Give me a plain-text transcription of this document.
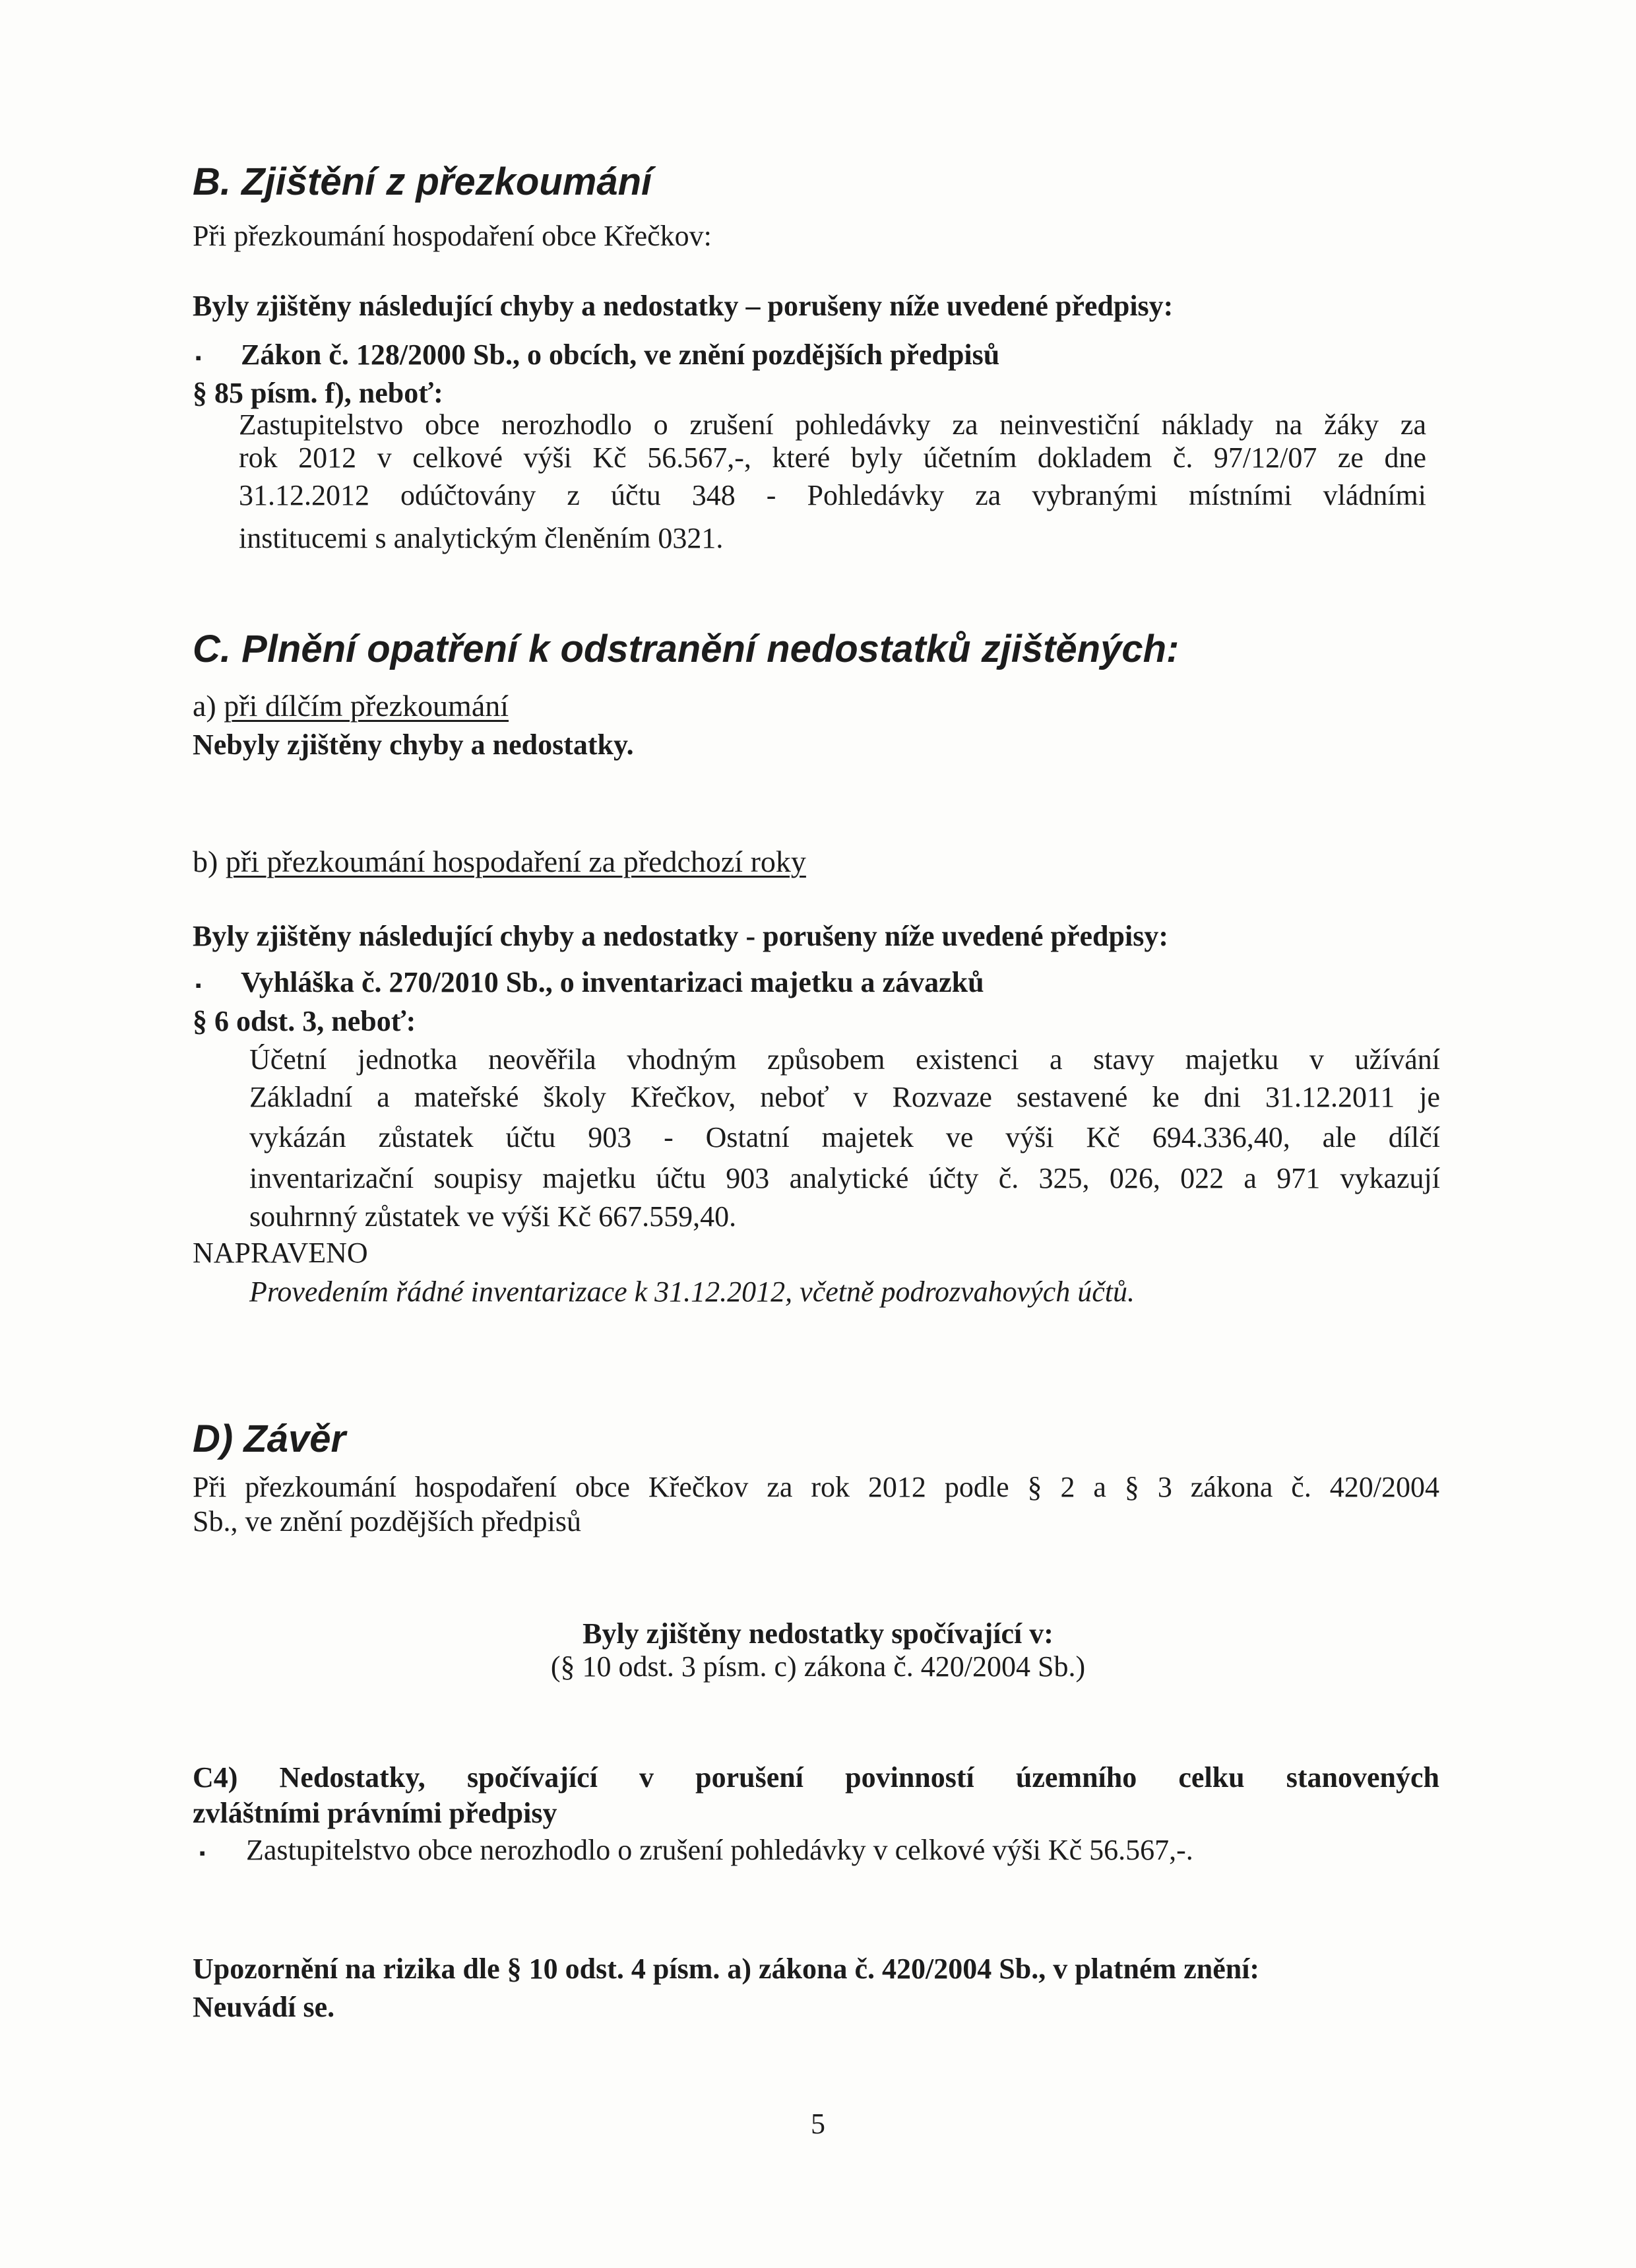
B. Zjištění z přezkoumání
Při přezkoumání hospodaření obce Křečkov:
Byly zjištěny následující chyby a nedostatky – porušeny níže uvedené předpisy:
▪ Zákon č. 128/2000 Sb., o obcích, ve znění pozdějších předpisů
§ 85 písm. f), neboť:
Zastupitelstvo obce nerozhodlo o zrušení pohledávky za neinvestiční náklady na žáky za
rok 2012 v celkové výši Kč 56.567,-, které byly účetním dokladem č. 97/12/07 ze dne
31.12.2012 odúčtovány z účtu 348 - Pohledávky za vybranými místními vládními
institucemi s analytickým členěním 0321.
C. Plnění opatření k odstranění nedostatků zjištěných:
a) při dílčím přezkoumání
Nebyly zjištěny chyby a nedostatky.
b) při přezkoumání hospodaření za předchozí roky
Byly zjištěny následující chyby a nedostatky - porušeny níže uvedené předpisy:
▪ Vyhláška č. 270/2010 Sb., o inventarizaci majetku a závazků
§ 6 odst. 3, neboť:
Účetní jednotka neověřila vhodným způsobem existenci a stavy majetku v užívání
Základní a mateřské školy Křečkov, neboť v Rozvaze sestavené ke dni 31.12.2011 je
vykázán zůstatek účtu 903 - Ostatní majetek ve výši Kč 694.336,40, ale dílčí
inventarizační soupisy majetku účtu 903 analytické účty č. 325, 026, 022 a 971 vykazují
souhrnný zůstatek ve výši Kč 667.559,40.
NAPRAVENO
Provedením řádné inventarizace k 31.12.2012, včetně podrozvahových účtů.
D) Závěr
Při přezkoumání hospodaření obce Křečkov za rok 2012 podle § 2 a § 3 zákona č. 420/2004
Sb., ve znění pozdějších předpisů
Byly zjištěny nedostatky spočívající v:
(§ 10 odst. 3 písm. c) zákona č. 420/2004 Sb.)
C4) Nedostatky, spočívající v porušení povinností územního celku stanovených
zvláštními právními předpisy
▪ Zastupitelstvo obce nerozhodlo o zrušení pohledávky v celkové výši Kč 56.567,-.
Upozornění na rizika dle § 10 odst. 4 písm. a) zákona č. 420/2004 Sb., v platném znění:
Neuvádí se.
5
